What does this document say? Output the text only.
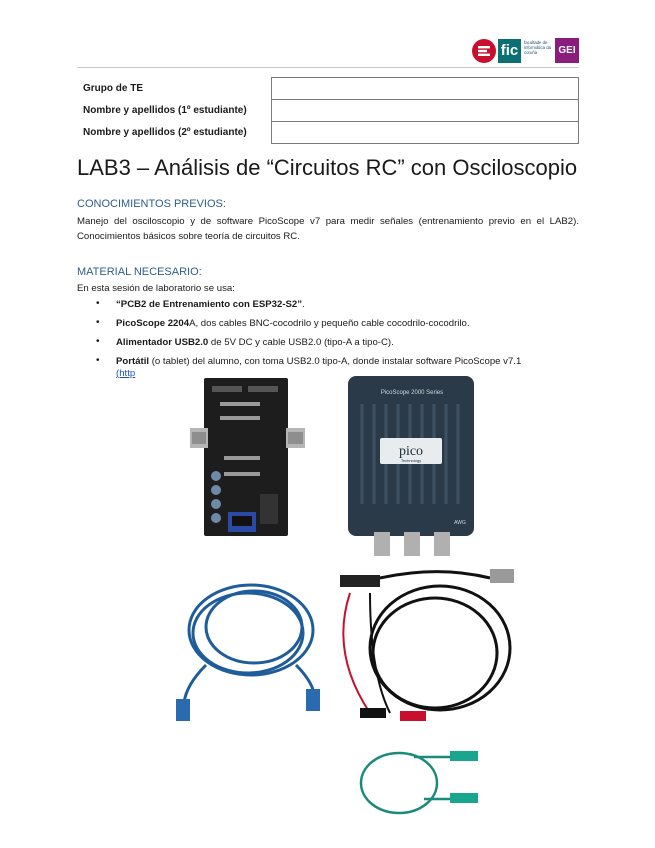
fic	facultade de informática da coruña	GEI
Grupo de TE	
Nombre y apellidos (1º estudiante)	
Nombre y apellidos (2º estudiante)	
LAB3 – Análisis de “Circuitos RC” con Osciloscopio
CONOCIMIENTOS PREVIOS:
Manejo del osciloscopio y de software PicoScope v7 para medir señales (entrenamiento previo en el LAB2). Conocimientos básicos sobre teoría de circuitos RC.
MATERIAL NECESARIO:
En esta sesión de laboratorio se usa:
• “PCB2 de Entrenamiento con ESP32-S2”.
• PicoScope 2204A, dos cables BNC-cocodrilo y pequeño cable cocodrilo-cocodrilo.
• Alimentador USB2.0 de 5V DC y cable USB2.0 (tipo-A a tipo-C).
• Portátil (o tablet) del alumno, con toma USB2.0 tipo-A, donde instalar software PicoScope v7.1
(http
PicoScope 2000 Series
pico
Technology
AWG
